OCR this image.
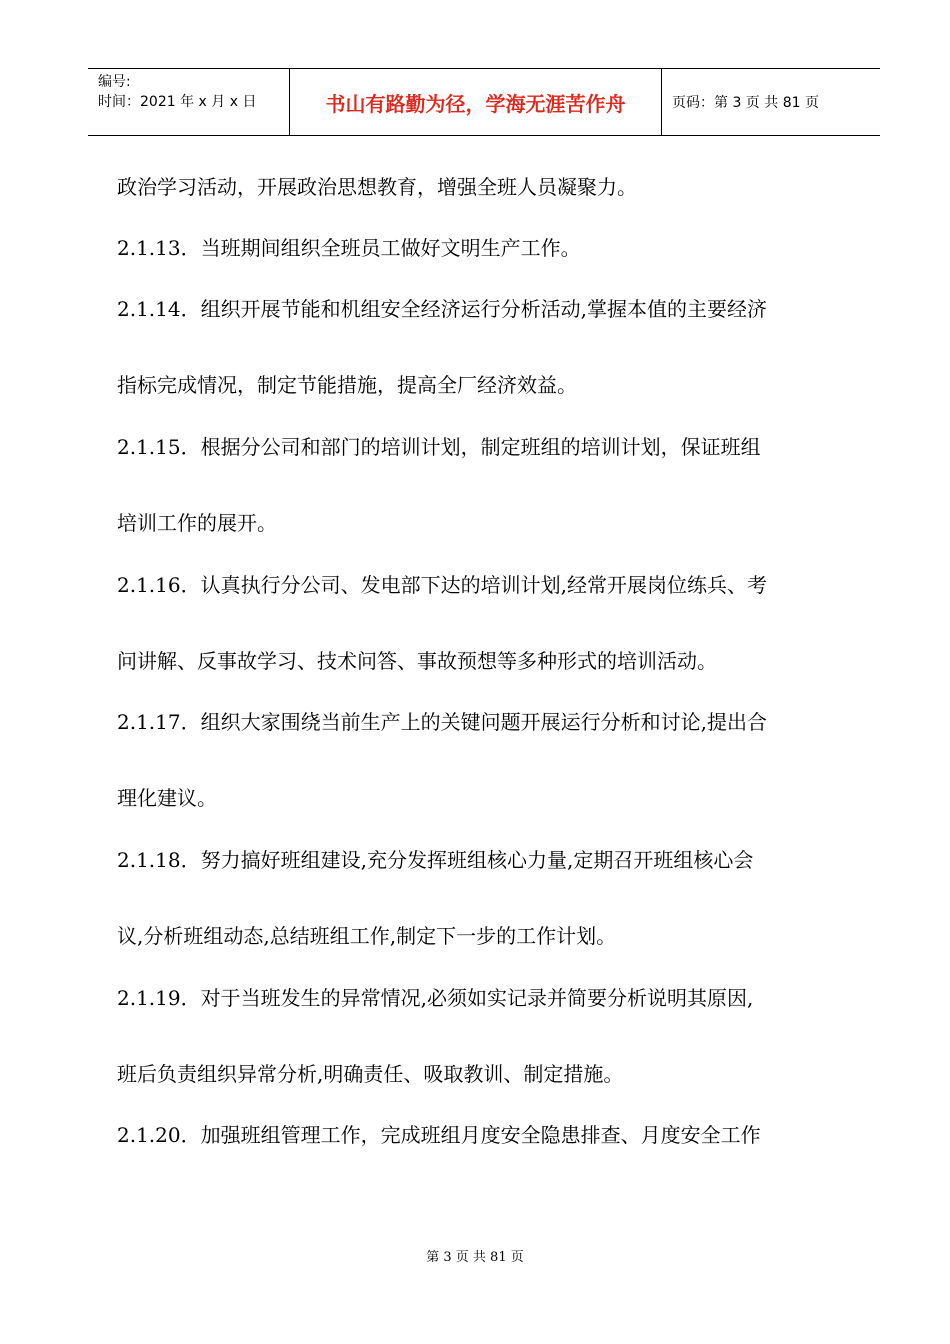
编号:
时间：2021 年 x 月 x 日	书山有路勤为径，学海无涯苦作舟	页码：第 3 页 共 81 页
政治学习活动，开展政治思想教育，增强全班人员凝聚力。
2.1.13．当班期间组织全班员工做好文明生产工作。
2.1.14．组织开展节能和机组安全经济运行分析活动,掌握本值的主要经济
指标完成情况，制定节能措施，提高全厂经济效益。
2.1.15．根据分公司和部门的培训计划，制定班组的培训计划，保证班组
培训工作的展开。
2.1.16．认真执行分公司、发电部下达的培训计划,经常开展岗位练兵、考
问讲解、反事故学习、技术问答、事故预想等多种形式的培训活动。
2.1.17．组织大家围绕当前生产上的关键问题开展运行分析和讨论,提出合
理化建议。
2.1.18．努力搞好班组建设,充分发挥班组核心力量,定期召开班组核心会
议,分析班组动态,总结班组工作,制定下一步的工作计划。
2.1.19．对于当班发生的异常情况,必须如实记录并简要分析说明其原因,
班后负责组织异常分析,明确责任、吸取教训、制定措施。
2.1.20．加强班组管理工作，完成班组月度安全隐患排查、月度安全工作
第 3 页 共 81 页
